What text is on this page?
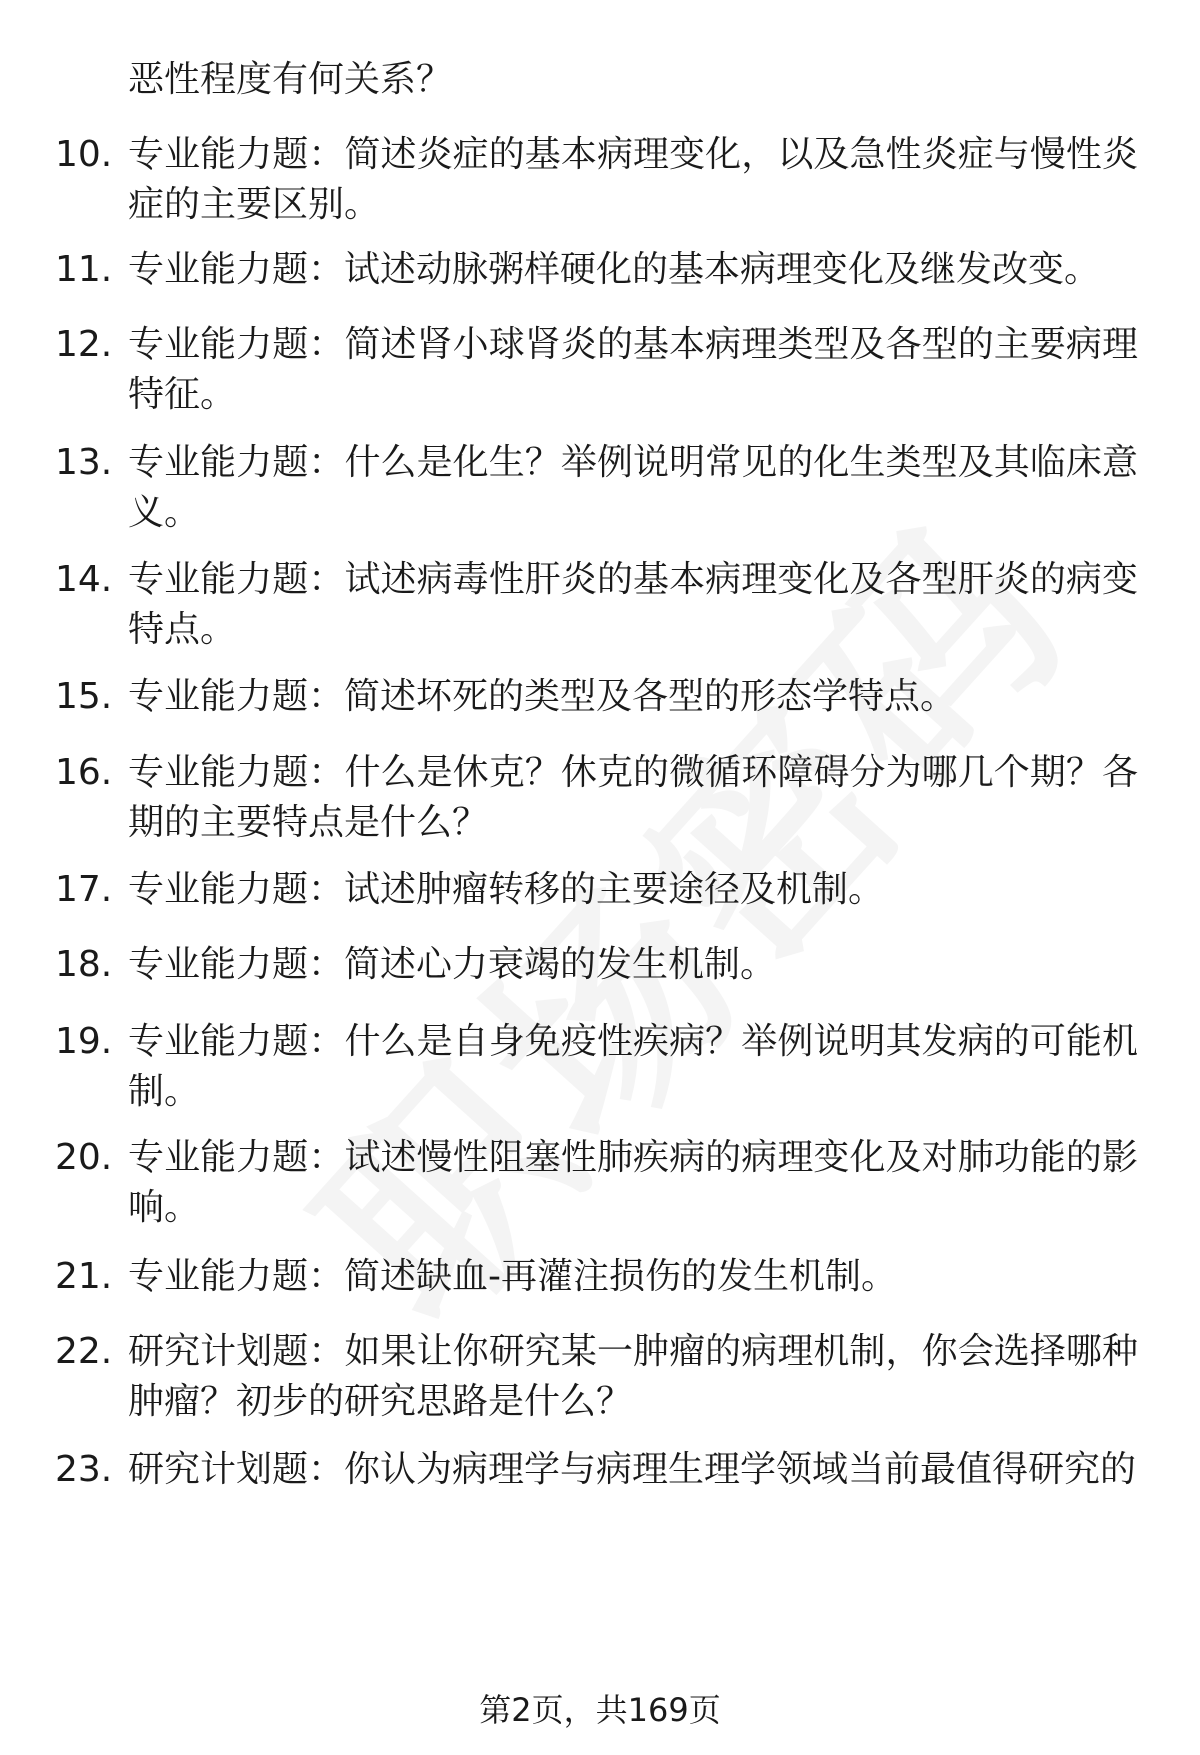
恶性程度有何关系？
10. 专业能力题：简述炎症的基本病理变化，以及急性炎症与慢性炎症的主要区别。
11. 专业能力题：试述动脉粥样硬化的基本病理变化及继发改变。
12. 专业能力题：简述肾小球肾炎的基本病理类型及各型的主要病理特征。
13. 专业能力题：什么是化生？举例说明常见的化生类型及其临床意义。
14. 专业能力题：试述病毒性肝炎的基本病理变化及各型肝炎的病变特点。
15. 专业能力题：简述坏死的类型及各型的形态学特点。
16. 专业能力题：什么是休克？休克的微循环障碍分为哪几个期？各期的主要特点是什么？
17. 专业能力题：试述肿瘤转移的主要途径及机制。
18. 专业能力题：简述心力衰竭的发生机制。
19. 专业能力题：什么是自身免疫性疾病？举例说明其发病的可能机制。
20. 专业能力题：试述慢性阻塞性肺疾病的病理变化及对肺功能的影响。
21. 专业能力题：简述缺血-再灌注损伤的发生机制。
22. 研究计划题：如果让你研究某一肿瘤的病理机制，你会选择哪种肿瘤？初步的研究思路是什么？
23. 研究计划题：你认为病理学与病理生理学领域当前最值得研究的
第2页，共169页
